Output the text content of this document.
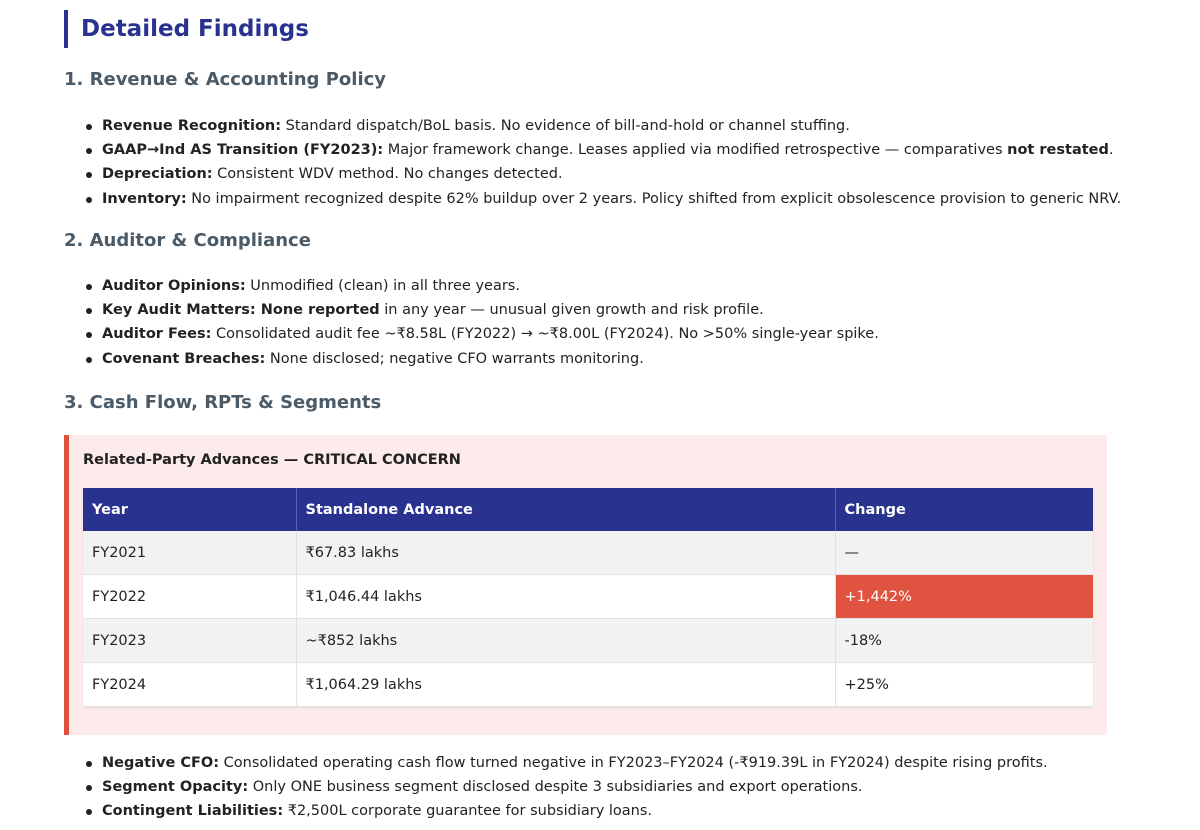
Detailed Findings
1. Revenue & Accounting Policy
Revenue Recognition: Standard dispatch/BoL basis. No evidence of bill-and-hold or channel stuffing.
GAAP→Ind AS Transition (FY2023): Major framework change. Leases applied via modified retrospective — comparatives not restated.
Depreciation: Consistent WDV method. No changes detected.
Inventory: No impairment recognized despite 62% buildup over 2 years. Policy shifted from explicit obsolescence provision to generic NRV.
2. Auditor & Compliance
Auditor Opinions: Unmodified (clean) in all three years.
Key Audit Matters: None reported in any year — unusual given growth and risk profile.
Auditor Fees: Consolidated audit fee ~₹8.58L (FY2022) → ~₹8.00L (FY2024). No >50% single-year spike.
Covenant Breaches: None disclosed; negative CFO warrants monitoring.
3. Cash Flow, RPTs & Segments
Related-Party Advances — CRITICAL CONCERN
Year	Standalone Advance	Change
FY2021	₹67.83 lakhs	—
FY2022	₹1,046.44 lakhs	+1,442%
FY2023	~₹852 lakhs	-18%
FY2024	₹1,064.29 lakhs	+25%
Negative CFO: Consolidated operating cash flow turned negative in FY2023–FY2024 (-₹919.39L in FY2024) despite rising profits.
Segment Opacity: Only ONE business segment disclosed despite 3 subsidiaries and export operations.
Contingent Liabilities: ₹2,500L corporate guarantee for subsidiary loans.
